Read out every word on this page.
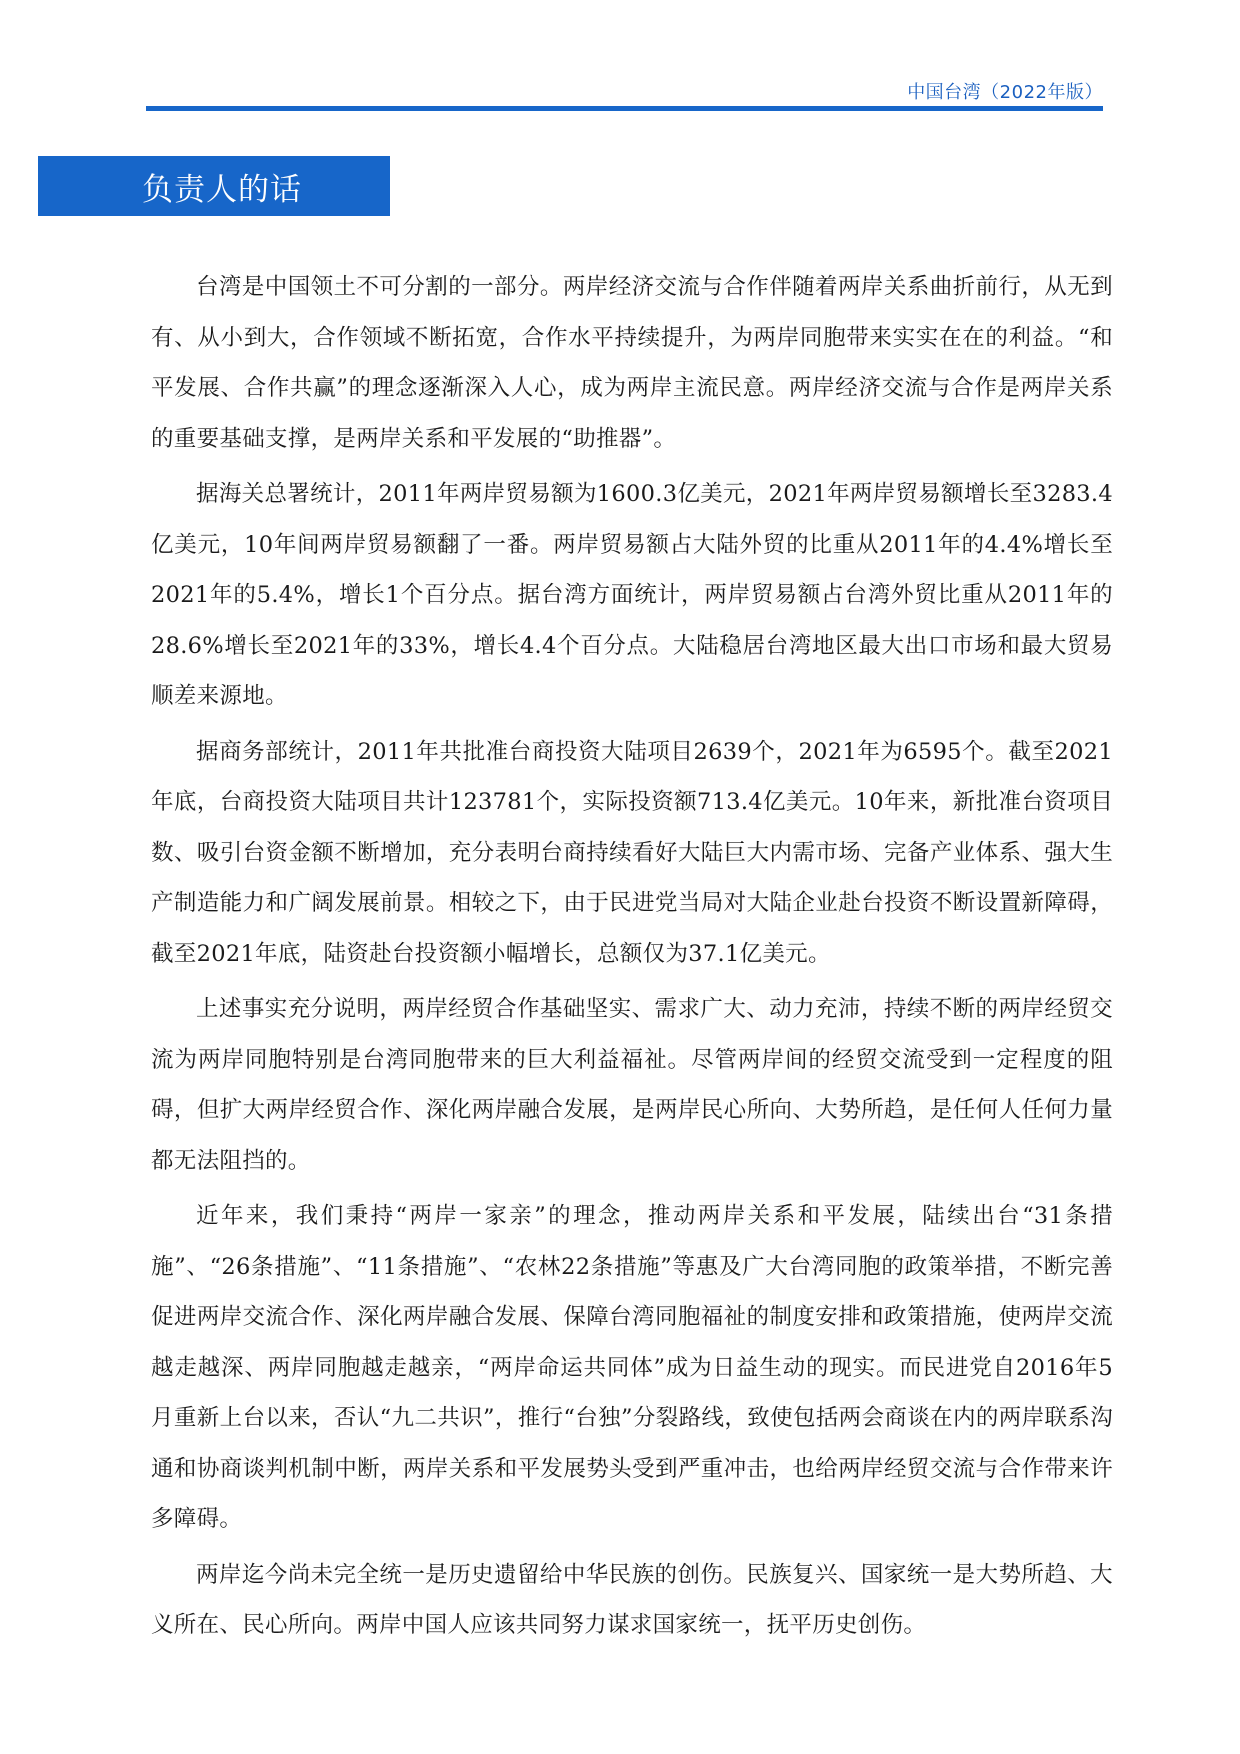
中国台湾（2022年版）
负责人的话

台湾是中国领土不可分割的一部分。两岸经济交流与合作伴随着两岸关系曲折前行，从无到有、从小到大，合作领域不断拓宽，合作水平持续提升，为两岸同胞带来实实在在的利益。“和平发展、合作共赢”的理念逐渐深入人心，成为两岸主流民意。两岸经济交流与合作是两岸关系的重要基础支撑，是两岸关系和平发展的“助推器”。

据海关总署统计，2011年两岸贸易额为1600.3亿美元，2021年两岸贸易额增长至3283.4亿美元，10年间两岸贸易额翻了一番。两岸贸易额占大陆外贸的比重从2011年的4.4%增长至2021年的5.4%，增长1个百分点。据台湾方面统计，两岸贸易额占台湾外贸比重从2011年的28.6%增长至2021年的33%，增长4.4个百分点。大陆稳居台湾地区最大出口市场和最大贸易顺差来源地。

据商务部统计，2011年共批准台商投资大陆项目2639个，2021年为6595个。截至2021年底，台商投资大陆项目共计123781个，实际投资额713.4亿美元。10年来，新批准台资项目数、吸引台资金额不断增加，充分表明台商持续看好大陆巨大内需市场、完备产业体系、强大生产制造能力和广阔发展前景。相较之下，由于民进党当局对大陆企业赴台投资不断设置新障碍，截至2021年底，陆资赴台投资额小幅增长，总额仅为37.1亿美元。

上述事实充分说明，两岸经贸合作基础坚实、需求广大、动力充沛，持续不断的两岸经贸交流为两岸同胞特别是台湾同胞带来的巨大利益福祉。尽管两岸间的经贸交流受到一定程度的阻碍，但扩大两岸经贸合作、深化两岸融合发展，是两岸民心所向、大势所趋，是任何人任何力量都无法阻挡的。

近年来，我们秉持“两岸一家亲”的理念，推动两岸关系和平发展，陆续出台“31条措施”、“26条措施”、“11条措施”、“农林22条措施”等惠及广大台湾同胞的政策举措，不断完善促进两岸交流合作、深化两岸融合发展、保障台湾同胞福祉的制度安排和政策措施，使两岸交流越走越深、两岸同胞越走越亲，“两岸命运共同体”成为日益生动的现实。而民进党自2016年5月重新上台以来，否认“九二共识”，推行“台独”分裂路线，致使包括两会商谈在内的两岸联系沟通和协商谈判机制中断，两岸关系和平发展势头受到严重冲击，也给两岸经贸交流与合作带来许多障碍。

两岸迄今尚未完全统一是历史遗留给中华民族的创伤。民族复兴、国家统一是大势所趋、大义所在、民心所向。两岸中国人应该共同努力谋求国家统一，抚平历史创伤。
